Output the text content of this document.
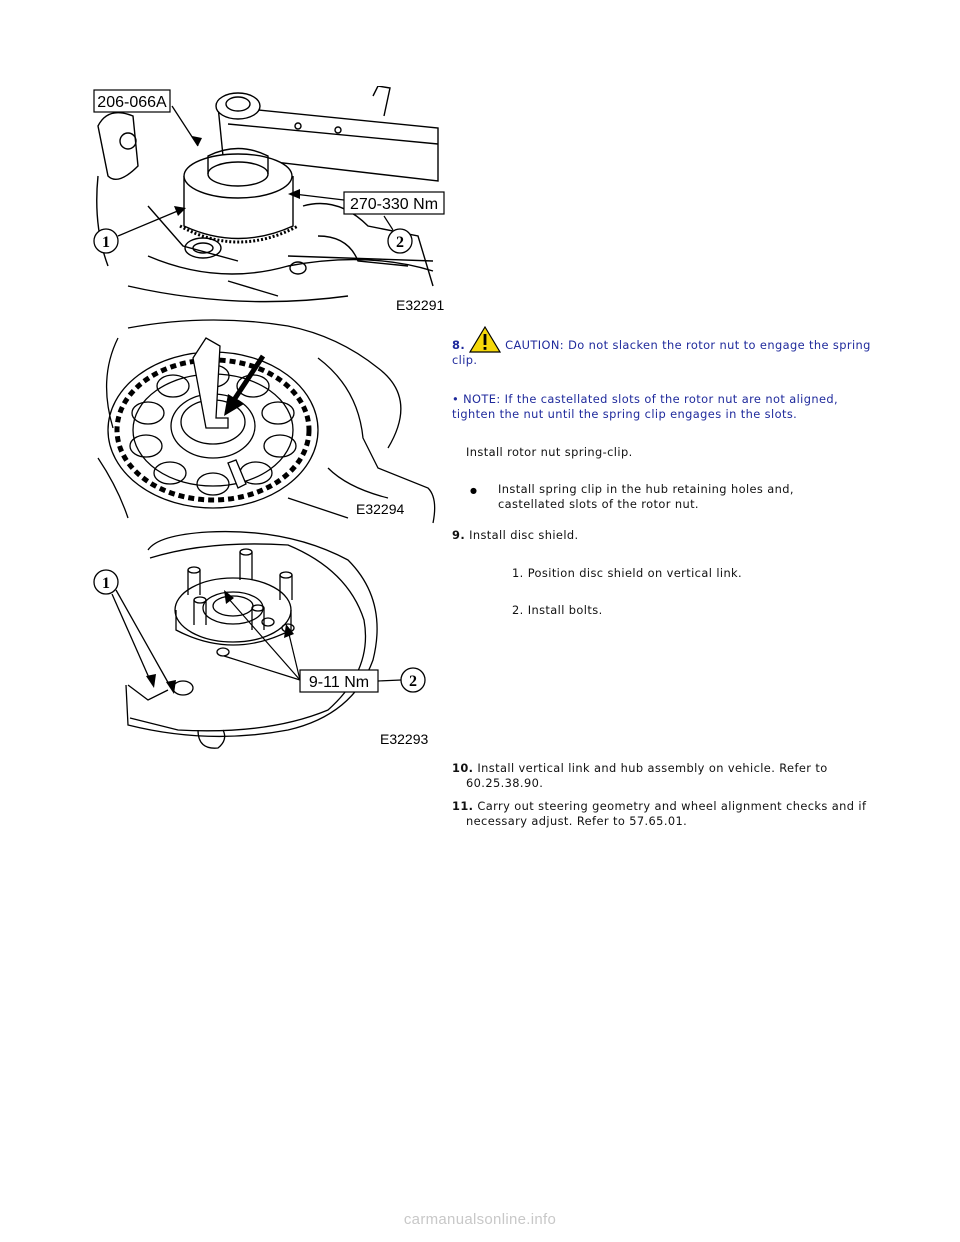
206-066A
270-330 Nm
1	2
E32291
E32294
9-11 Nm
1
2
E32293
8.	CAUTION: Do not slacken the rotor nut to engage the spring clip.
• NOTE: If the castellated slots of the rotor nut are not aligned, tighten the nut until the spring clip engages in the slots.
Install rotor nut spring-clip.
Install spring clip in the hub retaining holes and, castellated slots of the rotor nut.
9. Install disc shield.
1. Position disc shield on vertical link.
2. Install bolts.
10. Install vertical link and hub assembly on vehicle. Refer to 60.25.38.90.
11. Carry out steering geometry and wheel alignment checks and if necessary adjust. Refer to 57.65.01.
carmanualsonline.info
